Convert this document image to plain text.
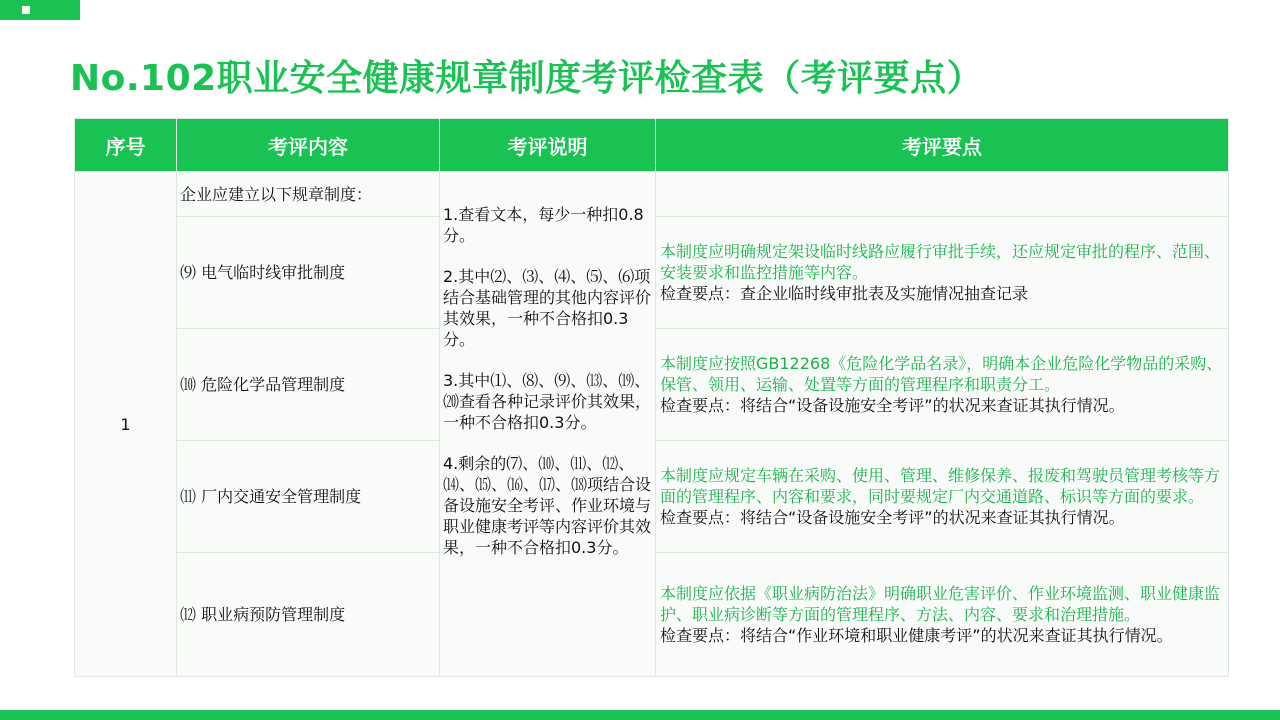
No.102职业安全健康规章制度考评检查表（考评要点）
序号	考评内容	考评说明	考评要点
1	企业应建立以下规章制度：	1.查看文本，每少一种扣0.8分。

2.其中⑵、⑶、⑷、⑸、⑹项结合基础管理的其他内容评价其效果，一种不合格扣0.3分。

3.其中⑴、⑻、⑼、⒀、⒆、⒇查看各种记录评价其效果，一种不合格扣0.3分。

4.剩余的⑺、⑽、⑾、⑿、⒁、⒂、⒃、⒄、⒅项结合设备设施安全考评、作业环境与职业健康考评等内容评价其效果，一种不合格扣0.3分。	

	⑼ 电气临时线审批制度		本制度应明确规定架设临时线路应履行审批手续，还应规定审批的程序、范围、安装要求和监控措施等内容。
检查要点：查企业临时线审批表及实施情况抽查记录

	⑽ 危险化学品管理制度		本制度应按照GB12268《危险化学品名录》，明确本企业危险化学物品的采购、保管、领用、运输、处置等方面的管理程序和职责分工。
检查要点：将结合“设备设施安全考评”的状况来查证其执行情况。

	⑾ 厂内交通安全管理制度		本制度应规定车辆在采购、使用、管理、维修保养、报废和驾驶员管理考核等方面的管理程序、内容和要求，同时要规定厂内交通道路、标识等方面的要求。
检查要点：将结合“设备设施安全考评”的状况来查证其执行情况。

	⑿ 职业病预防管理制度		本制度应依据《职业病防治法》明确职业危害评价、作业环境监测、职业健康监护、职业病诊断等方面的管理程序、方法、内容、要求和治理措施。
检查要点：将结合“作业环境和职业健康考评”的状况来查证其执行情况。
